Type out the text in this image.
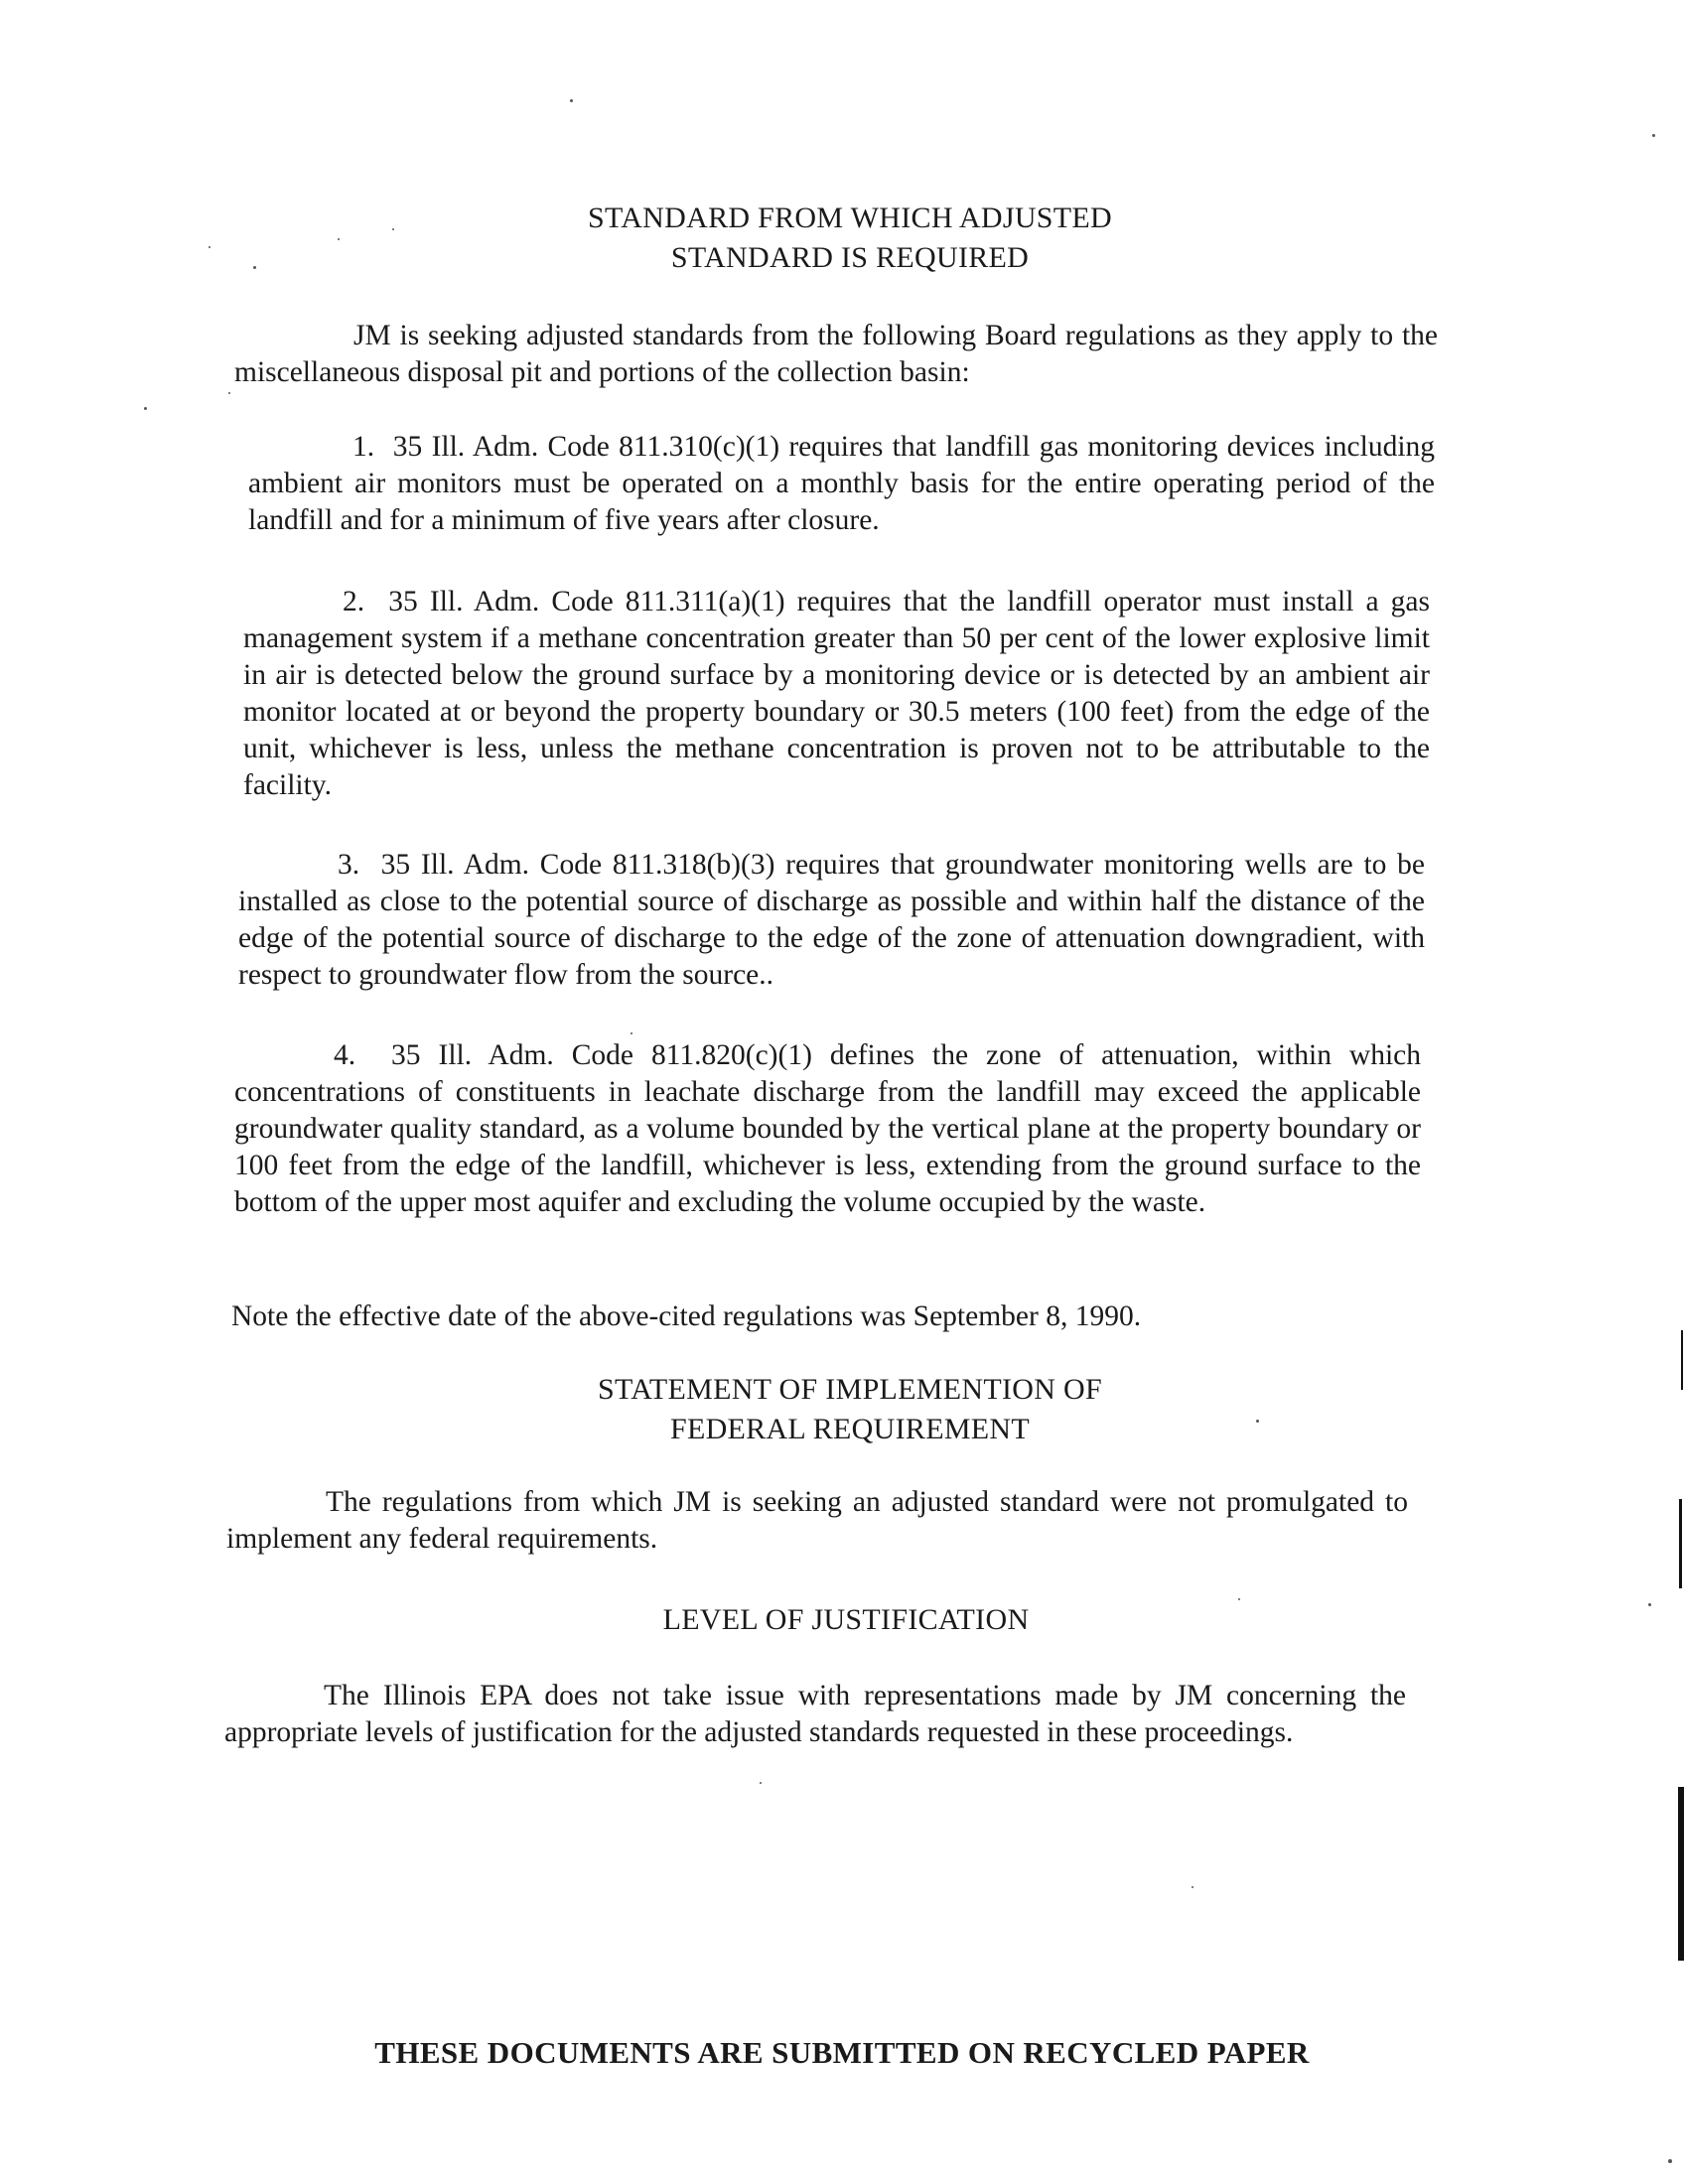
STANDARD FROM WHICH ADJUSTED
STANDARD IS REQUIRED
JM is seeking adjusted standards from the following Board regulations as they apply to the miscellaneous disposal pit and portions of the collection basin:
1. 35 Ill. Adm. Code 811.310(c)(1) requires that landfill gas monitoring devices including ambient air monitors must be operated on a monthly basis for the entire operating period of the landfill and for a minimum of five years after closure.
2. 35 Ill. Adm. Code 811.311(a)(1) requires that the landfill operator must install a gas management system if a methane concentration greater than 50 per cent of the lower explosive limit in air is detected below the ground surface by a monitoring device or is detected by an ambient air monitor located at or beyond the property boundary or 30.5 meters (100 feet) from the edge of the unit, whichever is less, unless the methane concentration is proven not to be attributable to the facility.
3. 35 Ill. Adm. Code 811.318(b)(3) requires that groundwater monitoring wells are to be installed as close to the potential source of discharge as possible and within half the distance of the edge of the potential source of discharge to the edge of the zone of attenuation downgradient, with respect to groundwater flow from the source..
4. 35 Ill. Adm. Code 811.820(c)(1) defines the zone of attenuation, within which concentrations of constituents in leachate discharge from the landfill may exceed the applicable groundwater quality standard, as a volume bounded by the vertical plane at the property boundary or 100 feet from the edge of the landfill, whichever is less, extending from the ground surface to the bottom of the upper most aquifer and excluding the volume occupied by the waste.
Note the effective date of the above-cited regulations was September 8, 1990.
STATEMENT OF IMPLEMENTION OF
FEDERAL REQUIREMENT
The regulations from which JM is seeking an adjusted standard were not promulgated to implement any federal requirements.
LEVEL OF JUSTIFICATION
The Illinois EPA does not take issue with representations made by JM concerning the appropriate levels of justification for the adjusted standards requested in these proceedings.
THESE DOCUMENTS ARE SUBMITTED ON RECYCLED PAPER
